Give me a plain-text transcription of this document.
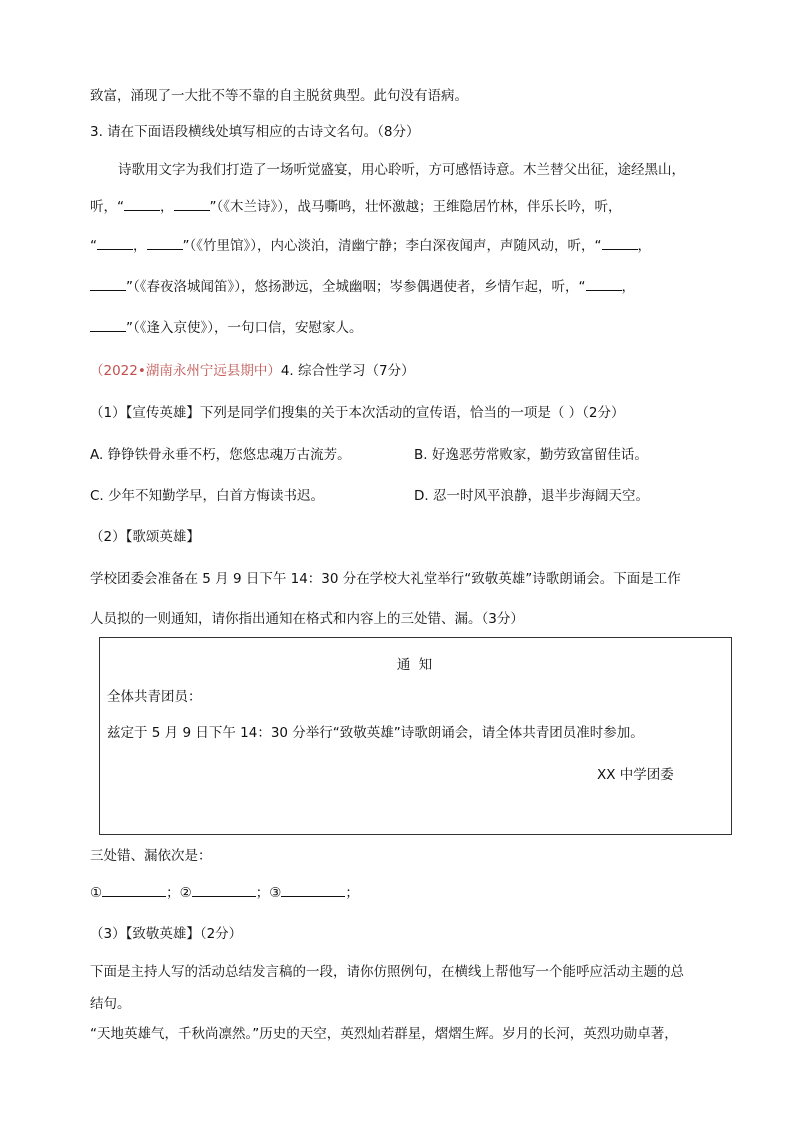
致富，涌现了一大批不等不靠的自主脱贫典型。此句没有语病。
3. 请在下面语段横线处填写相应的古诗文名句。（8分）
诗歌用文字为我们打造了一场听觉盛宴，用心聆听，方可感悟诗意。木兰替父出征，途经黑山，
听，“	，	”（《木兰诗》），战马嘶鸣，壮怀激越；王维隐居竹林，伴乐长吟，听，
“	，	”（《竹里馆》），内心淡泊，清幽宁静；李白深夜闻声，声随风动，听，“	，
”（《春夜洛城闻笛》），悠扬渺远，全城幽咽；岑参偶遇使者，乡情乍起，听，“	，
”（《逢入京使》），一句口信，安慰家人。
（2022•湖南永州宁远县期中）4. 综合性学习（7分）
（1）【宣传英雄】下列是同学们搜集的关于本次活动的宣传语，恰当的一项是（ ）（2分）
A. 铮铮铁骨永垂不朽，您悠忠魂万古流芳。	B. 好逸恶劳常败家，勤劳致富留佳话。
C. 少年不知勤学早，白首方悔读书迟。	D. 忍一时风平浪静，退半步海阔天空。
（2）【歌颂英雄】
学校团委会准备在 5 月 9 日下午 14：30 分在学校大礼堂举行“致敬英雄”诗歌朗诵会。下面是工作
人员拟的一则通知，请你指出通知在格式和内容上的三处错、漏。（3分）
通 知
全体共青团员：
兹定于 5 月 9 日下午 14：30 分举行“致敬英雄”诗歌朗诵会，请全体共青团员准时参加。
XX 中学团委
三处错、漏依次是：
①	；②	；③	；
（3）【致敬英雄】（2分）
下面是主持人写的活动总结发言稿的一段，请你仿照例句，在横线上帮他写一个能呼应活动主题的总
结句。
“天地英雄气，千秋尚凛然。”历史的天空，英烈灿若群星，熠熠生辉。岁月的长河，英烈功勋卓著，
